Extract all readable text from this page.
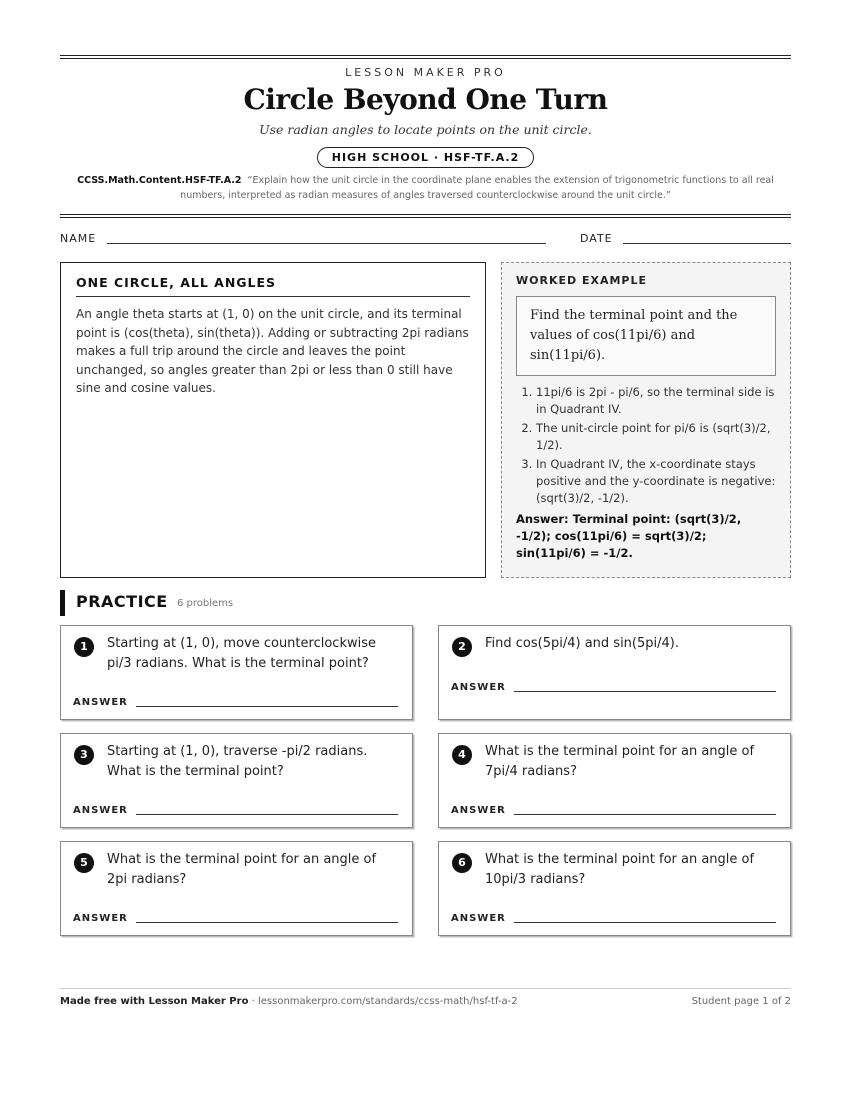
LESSON MAKER PRO
Circle Beyond One Turn
Use radian angles to locate points on the unit circle.
HIGH SCHOOL · HSF-TF.A.2
CCSS.Math.Content.HSF-TF.A.2 “Explain how the unit circle in the coordinate plane enables the extension of trigonometric functions to all real numbers, interpreted as radian measures of angles traversed counterclockwise around the unit circle.”
NAME	DATE
ONE CIRCLE, ALL ANGLES
An angle theta starts at (1, 0) on the unit circle, and its terminal point is (cos(theta), sin(theta)). Adding or subtracting 2pi radians makes a full trip around the circle and leaves the point unchanged, so angles greater than 2pi or less than 0 still have sine and cosine values.
WORKED EXAMPLE
Find the terminal point and the values of cos(11pi/6) and sin(11pi/6).
1. 11pi/6 is 2pi - pi/6, so the terminal side is in Quadrant IV.
2. The unit-circle point for pi/6 is (sqrt(3)/2, 1/2).
3. In Quadrant IV, the x-coordinate stays positive and the y-coordinate is negative: (sqrt(3)/2, -1/2).
Answer: Terminal point: (sqrt(3)/2, -1/2); cos(11pi/6) = sqrt(3)/2; sin(11pi/6) = -1/2.
PRACTICE 6 problems
1	Starting at (1, 0), move counterclockwise pi/3 radians. What is the terminal point?
ANSWER
2	Find cos(5pi/4) and sin(5pi/4).
ANSWER
3	Starting at (1, 0), traverse -pi/2 radians. What is the terminal point?
ANSWER
4	What is the terminal point for an angle of 7pi/4 radians?
ANSWER
5	What is the terminal point for an angle of 2pi radians?
ANSWER
6	What is the terminal point for an angle of 10pi/3 radians?
ANSWER
Made free with Lesson Maker Pro · lessonmakerpro.com/standards/ccss-math/hsf-tf-a-2	Student page 1 of 2
